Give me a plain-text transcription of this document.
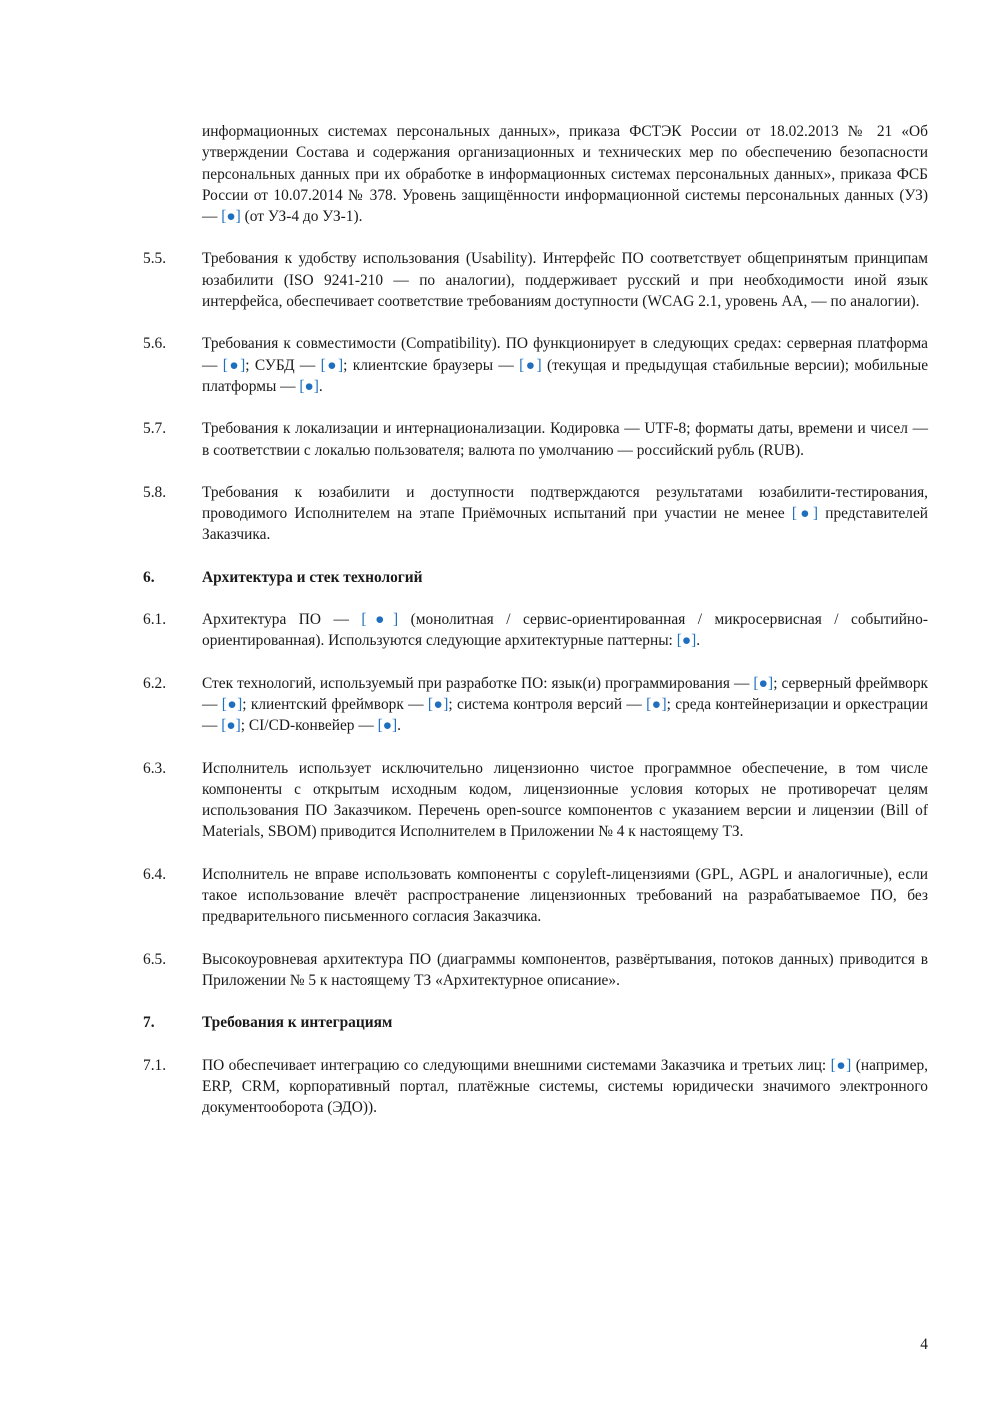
информационных системах персональных данных», приказа ФСТЭК России от 18.02.2013 № 21 «Об утверждении Состава и содержания организационных и технических мер по обеспечению безопасности персональных данных при их обработке в информационных системах персональных данных», приказа ФСБ России от 10.07.2014 № 378. Уровень защищённости информационной системы персональных данных (УЗ) — [●] (от УЗ-4 до УЗ-1).
5.5.	Требования к удобству использования (Usability). Интерфейс ПО соответствует общепринятым принципам юзабилити (ISO 9241-210 — по аналогии), поддерживает русский и при необходимости иной язык интерфейса, обеспечивает соответствие требованиям доступности (WCAG 2.1, уровень AA, — по аналогии).
5.6.	Требования к совместимости (Compatibility). ПО функционирует в следующих средах: серверная платформа — [●]; СУБД — [●]; клиентские браузеры — [●] (текущая и предыдущая стабильные версии); мобильные платформы — [●].
5.7.	Требования к локализации и интернационализации. Кодировка — UTF-8; форматы даты, времени и чисел — в соответствии с локалью пользователя; валюта по умолчанию — российский рубль (RUB).
5.8.	Требования к юзабилити и доступности подтверждаются результатами юзабилити-тестирования, проводимого Исполнителем на этапе Приёмочных испытаний при участии не менее [●] представителей Заказчика.
6.	Архитектура и стек технологий
6.1.	Архитектура ПО — [●] (монолитная / сервис-ориентированная / микросервисная / событийно-ориентированная). Используются следующие архитектурные паттерны: [●].
6.2.	Стек технологий, используемый при разработке ПО: язык(и) программирования — [●]; серверный фреймворк — [●]; клиентский фреймворк — [●]; система контроля версий — [●]; среда контейнеризации и оркестрации — [●]; CI/CD-конвейер — [●].
6.3.	Исполнитель использует исключительно лицензионно чистое программное обеспечение, в том числе компоненты с открытым исходным кодом, лицензионные условия которых не противоречат целям использования ПО Заказчиком. Перечень open-source компонентов с указанием версии и лицензии (Bill of Materials, SBOM) приводится Исполнителем в Приложении № 4 к настоящему ТЗ.
6.4.	Исполнитель не вправе использовать компоненты с copyleft-лицензиями (GPL, AGPL и аналогичные), если такое использование влечёт распространение лицензионных требований на разрабатываемое ПО, без предварительного письменного согласия Заказчика.
6.5.	Высокоуровневая архитектура ПО (диаграммы компонентов, развёртывания, потоков данных) приводится в Приложении № 5 к настоящему ТЗ «Архитектурное описание».
7.	Требования к интеграциям
7.1.	ПО обеспечивает интеграцию со следующими внешними системами Заказчика и третьих лиц: [●] (например, ERP, CRM, корпоративный портал, платёжные системы, системы юридически значимого электронного документооборота (ЭДО)).
4
